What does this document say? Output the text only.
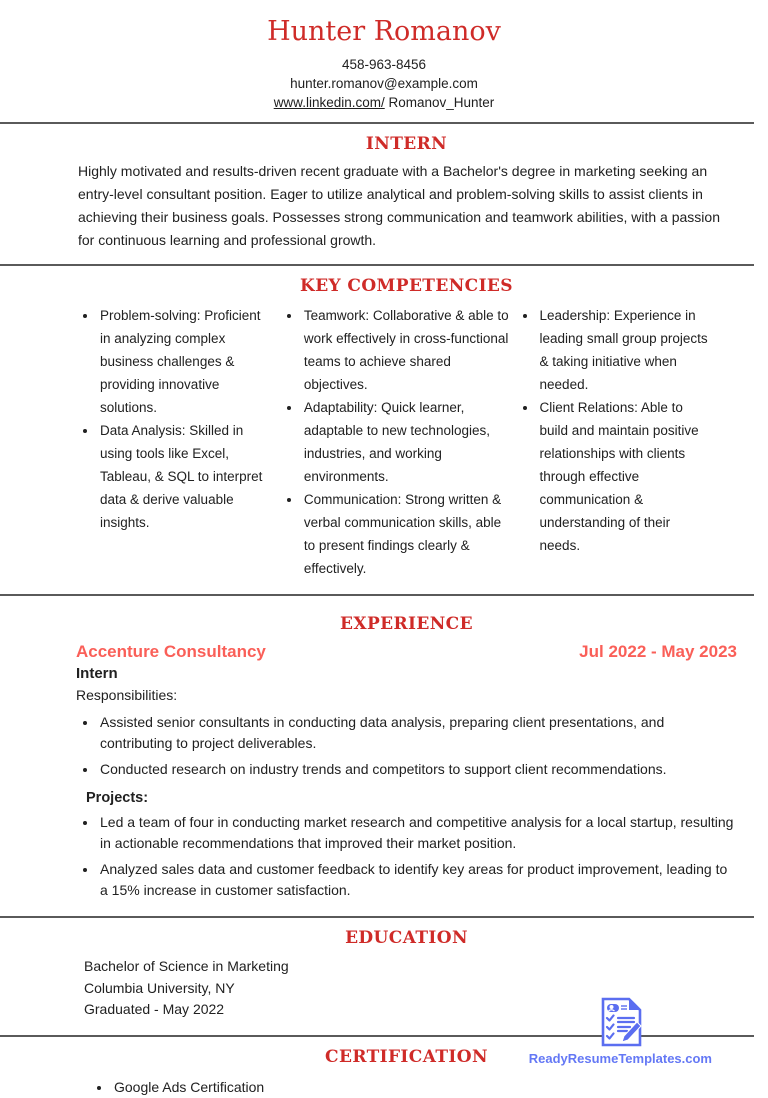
Hunter Romanov
458-963-8456
hunter.romanov@example.com
www.linkedin.com/ Romanov_Hunter
INTERN
Highly motivated and results-driven recent graduate with a Bachelor's degree in marketing seeking an entry-level consultant position. Eager to utilize analytical and problem-solving skills to assist clients in achieving their business goals. Possesses strong communication and teamwork abilities, with a passion for continuous learning and professional growth.
KEY COMPETENCIES
• Problem-solving: Proficient in analyzing complex business challenges & providing innovative solutions.
• Data Analysis: Skilled in using tools like Excel, Tableau, & SQL to interpret data & derive valuable insights.
• Teamwork: Collaborative & able to work effectively in cross-functional teams to achieve shared objectives.
• Adaptability: Quick learner, adaptable to new technologies, industries, and working environments.
• Communication: Strong written & verbal communication skills, able to present findings clearly & effectively.
• Leadership: Experience in leading small group projects & taking initiative when needed.
• Client Relations: Able to build and maintain positive relationships with clients through effective communication & understanding of their needs.
EXPERIENCE
Accenture Consultancy	Jul 2022 - May 2023
Intern
Responsibilities:
• Assisted senior consultants in conducting data analysis, preparing client presentations, and contributing to project deliverables.
• Conducted research on industry trends and competitors to support client recommendations.
Projects:
• Led a team of four in conducting market research and competitive analysis for a local startup, resulting in actionable recommendations that improved their market position.
• Analyzed sales data and customer feedback to identify key areas for product improvement, leading to a 15% increase in customer satisfaction.
EDUCATION
Bachelor of Science in Marketing
Columbia University, NY
Graduated - May 2022
CERTIFICATION
• Google Ads Certification
ReadyResumeTemplates.com
